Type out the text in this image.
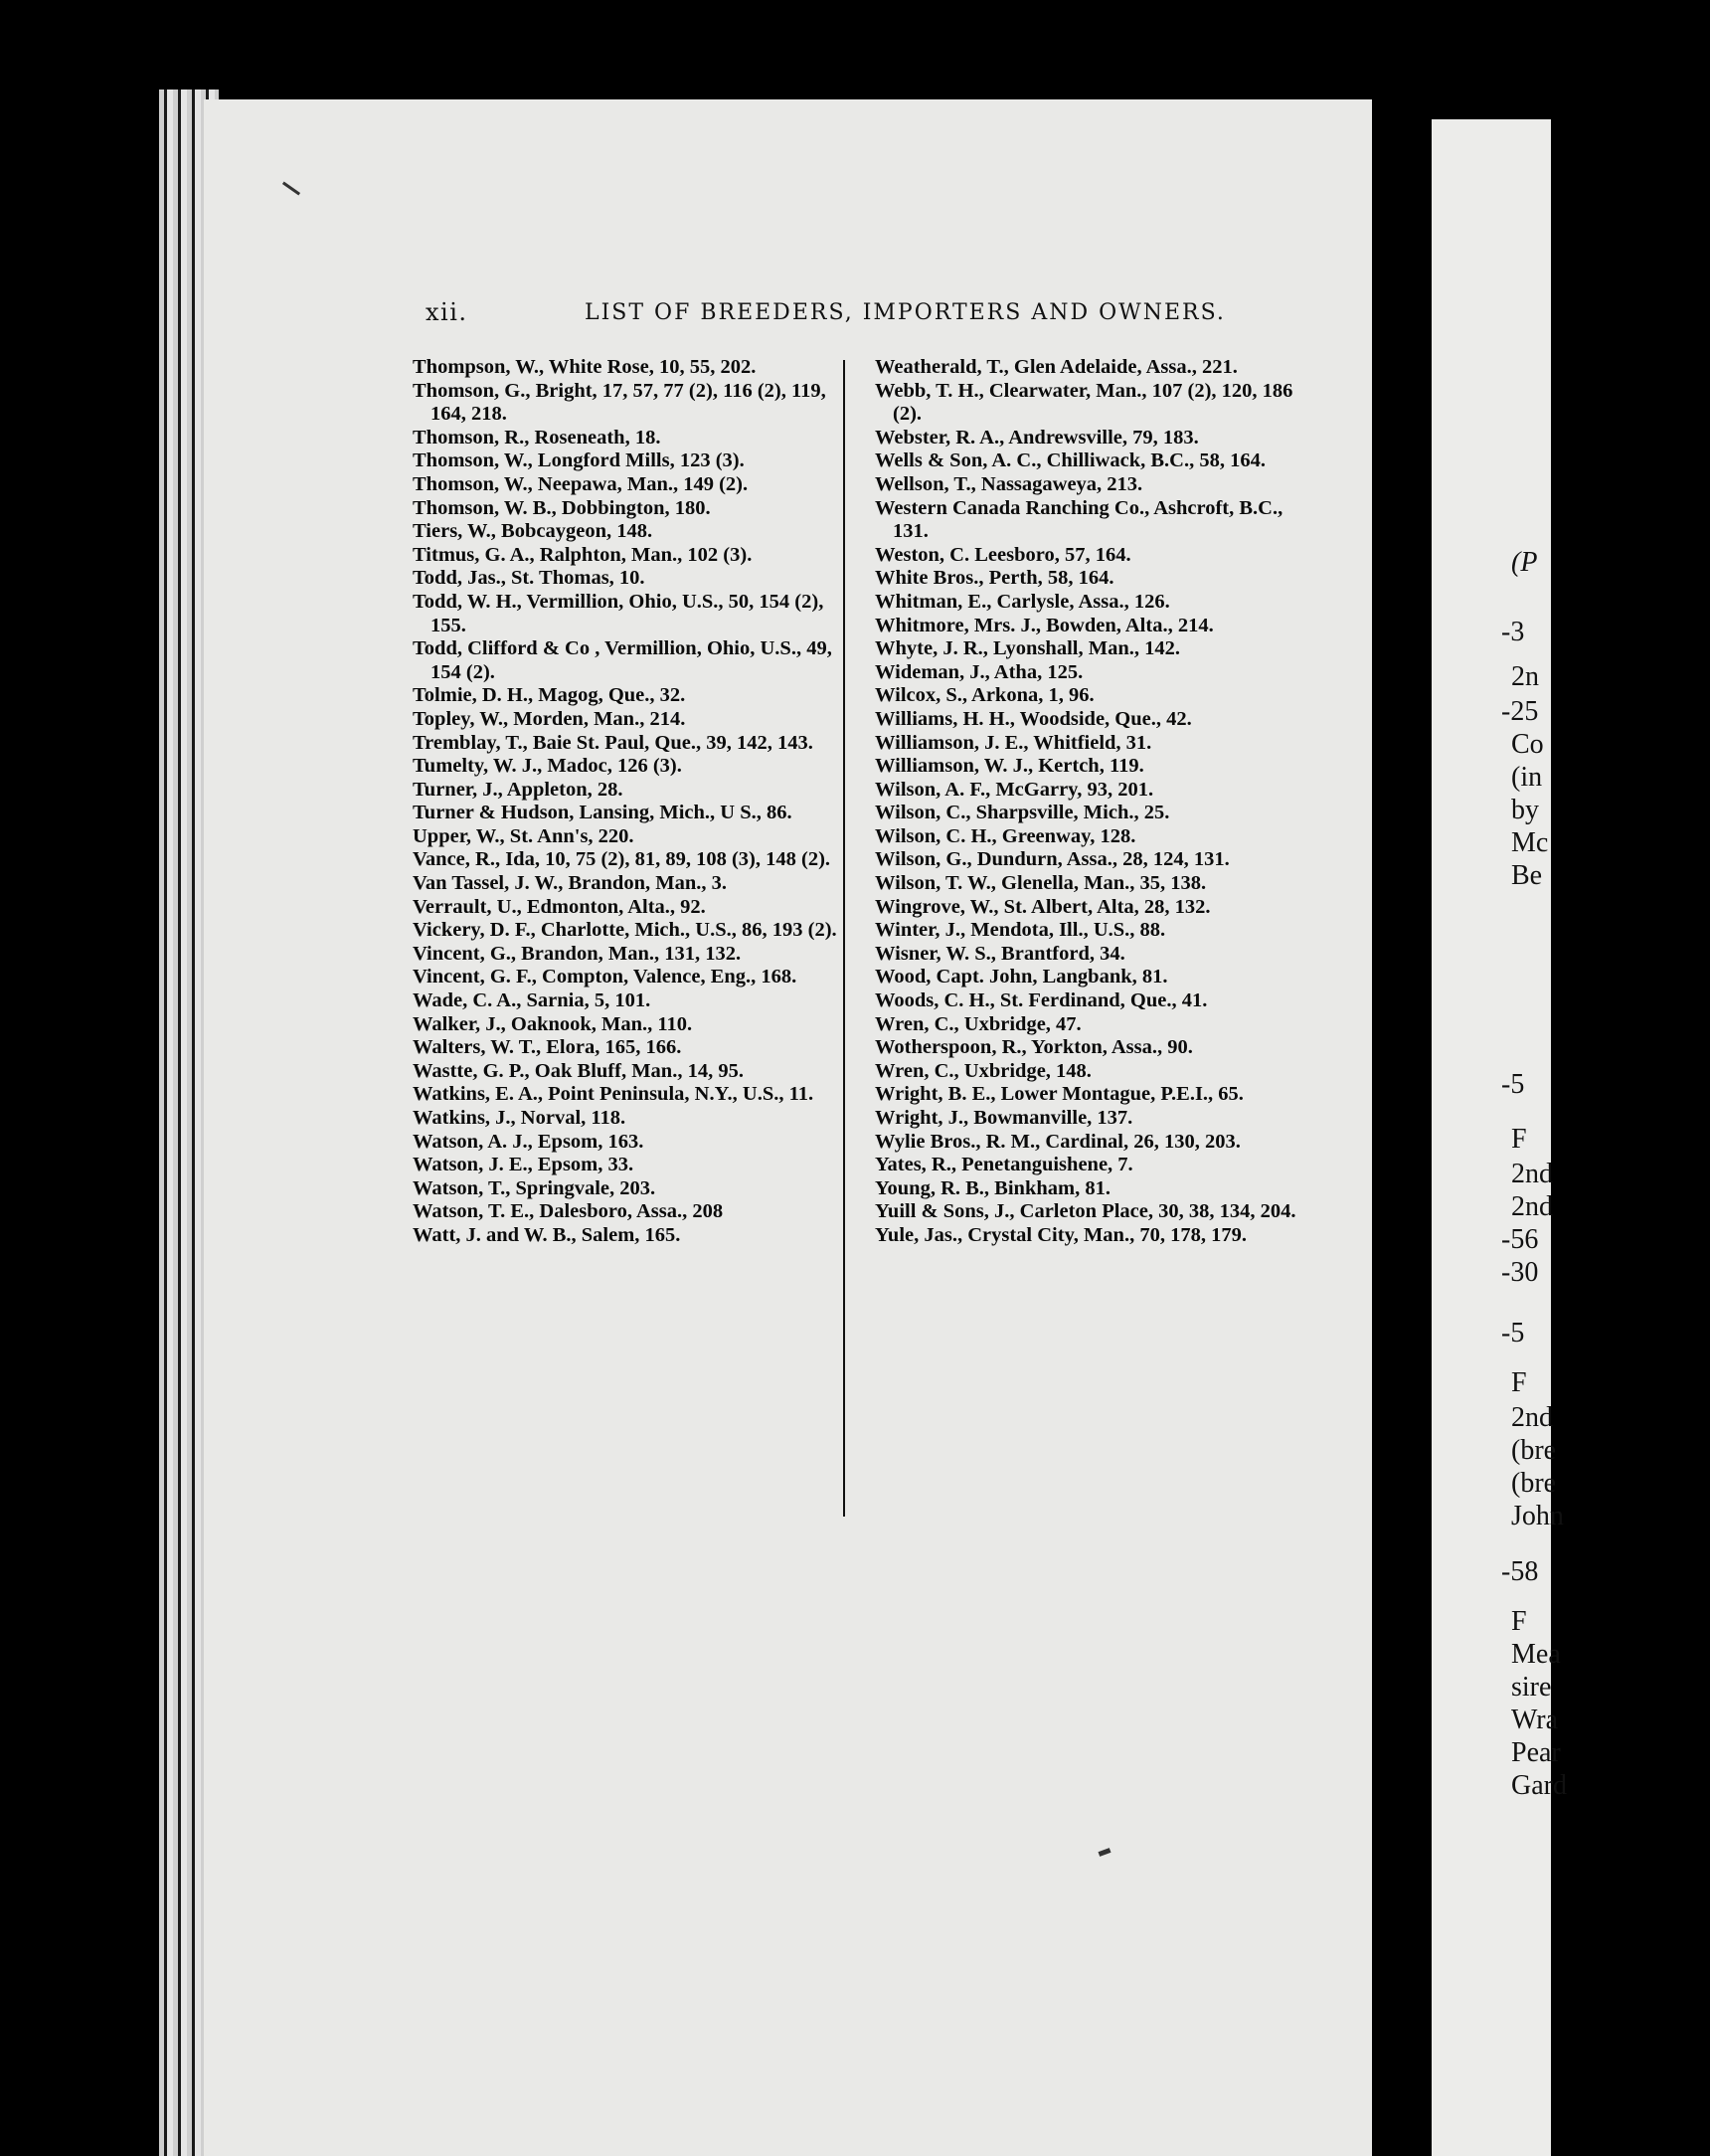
xii.	LIST OF BREEDERS, IMPORTERS AND OWNERS.

Thompson, W., White Rose, 10, 55, 202.

Thomson, G., Bright, 17, 57, 77 (2), 116 (2), 119, 164, 218.

Thomson, R., Roseneath, 18.

Thomson, W., Longford Mills, 123 (3).

Thomson, W., Neepawa, Man., 149 (2).

Thomson, W. B., Dobbington, 180.

Tiers, W., Bobcaygeon, 148.

Titmus, G. A., Ralphton, Man., 102 (3).

Todd, Jas., St. Thomas, 10.

Todd, W. H., Vermillion, Ohio, U.S., 50, 154 (2), 155.

Todd, Clifford & Co , Vermillion, Ohio, U.S., 49, 154 (2).

Tolmie, D. H., Magog, Que., 32.

Topley, W., Morden, Man., 214.

Tremblay, T., Baie St. Paul, Que., 39, 142, 143.

Tumelty, W. J., Madoc, 126 (3).

Turner, J., Appleton, 28.

Turner & Hudson, Lansing, Mich., U S., 86.

Upper, W., St. Ann's, 220.

Vance, R., Ida, 10, 75 (2), 81, 89, 108 (3), 148 (2).

Van Tassel, J. W., Brandon, Man., 3.

Verrault, U., Edmonton, Alta., 92.

Vickery, D. F., Charlotte, Mich., U.S., 86, 193 (2).

Vincent, G., Brandon, Man., 131, 132.

Vincent, G. F., Compton, Valence, Eng., 168.

Wade, C. A., Sarnia, 5, 101.

Walker, J., Oaknook, Man., 110.

Walters, W. T., Elora, 165, 166.

Wastte, G. P., Oak Bluff, Man., 14, 95.

Watkins, E. A., Point Peninsula, N.Y., U.S., 11.

Watkins, J., Norval, 118.

Watson, A. J., Epsom, 163.

Watson, J. E., Epsom, 33.

Watson, T., Springvale, 203.

Watson, T. E., Dalesboro, Assa., 208

Watt, J. and W. B., Salem, 165.

Weatherald, T., Glen Adelaide, Assa., 221.

Webb, T. H., Clearwater, Man., 107 (2), 120, 186 (2).

Webster, R. A., Andrewsville, 79, 183.

Wells & Son, A. C., Chilliwack, B.C., 58, 164.

Wellson, T., Nassagaweya, 213.

Western Canada Ranching Co., Ashcroft, B.C., 131.

Weston, C. Leesboro, 57, 164.

White Bros., Perth, 58, 164.

Whitman, E., Carlysle, Assa., 126.

Whitmore, Mrs. J., Bowden, Alta., 214.

Whyte, J. R., Lyonshall, Man., 142.

Wideman, J., Atha, 125.

Wilcox, S., Arkona, 1, 96.

Williams, H. H., Woodside, Que., 42.

Williamson, J. E., Whitfield, 31.

Williamson, W. J., Kertch, 119.

Wilson, A. F., McGarry, 93, 201.

Wilson, C., Sharpsville, Mich., 25.

Wilson, C. H., Greenway, 128.

Wilson, G., Dundurn, Assa., 28, 124, 131.

Wilson, T. W., Glenella, Man., 35, 138.

Wingrove, W., St. Albert, Alta, 28, 132.

Winter, J., Mendota, Ill., U.S., 88.

Wisner, W. S., Brantford, 34.

Wood, Capt. John, Langbank, 81.

Woods, C. H., St. Ferdinand, Que., 41.

Wren, C., Uxbridge, 47.

Wotherspoon, R., Yorkton, Assa., 90.

Wren, C., Uxbridge, 148.

Wright, B. E., Lower Montague, P.E.I., 65.

Wright, J., Bowmanville, 137.

Wylie Bros., R. M., Cardinal, 26, 130, 203.

Yates, R., Penetanguishene, 7.

Young, R. B., Binkham, 81.

Yuill & Sons, J., Carleton Place, 30, 38, 134, 204.

Yule, Jas., Crystal City, Man., 70, 178, 179.

(P
-3
2n
-25
Co
(in
by
Mc
Be
-5
F
2nd
2nd
-56
-30
-5
F
2nd
(bre
(bre
John
-58
F
Mea
sire
Wra
Pear
Gard
